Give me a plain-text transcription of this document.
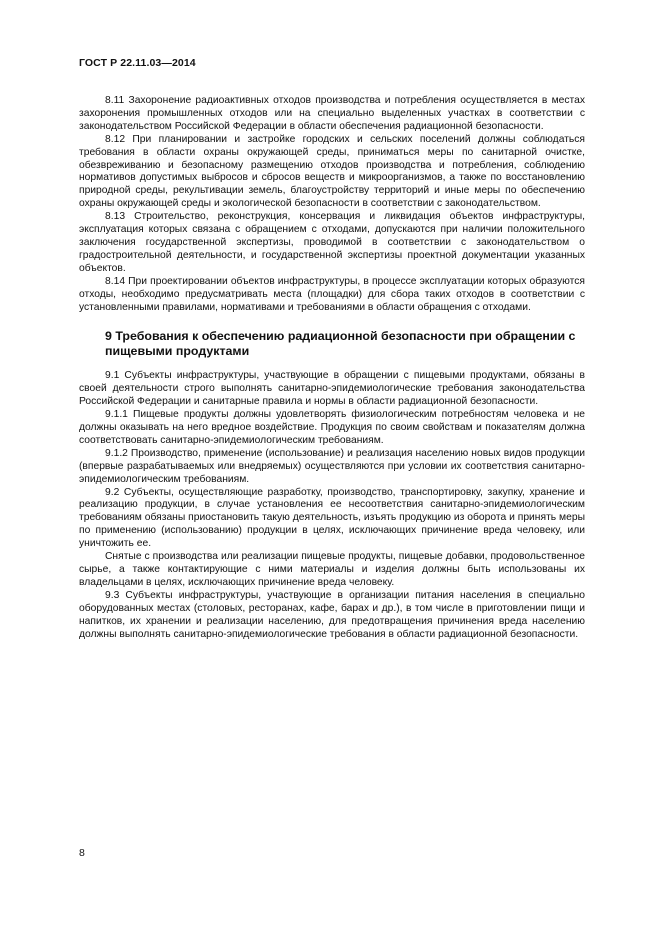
ГОСТ Р 22.11.03—2014

8.11 Захоронение радиоактивных отходов производства и потребления осуществляется в местах захоронения промышленных отходов или на специально выделенных участках в соответствии с законодательством Российской Федерации в области обеспечения радиационной безопасности.

8.12 При планировании и застройке городских и сельских поселений должны соблюдаться требования в области охраны окружающей среды, приниматься меры по санитарной очистке, обезвреживанию и безопасному размещению отходов производства и потребления, соблюдению нормативов допустимых выбросов и сбросов веществ и микроорганизмов, а также по восстановлению природной среды, рекультивации земель, благоустройству территорий и иные меры по обеспечению охраны окружающей среды и экологической безопасности в соответствии с законодательством.

8.13 Строительство, реконструкция, консервация и ликвидация объектов инфраструктуры, эксплуатация которых связана с обращением с отходами, допускаются при наличии положительного заключения государственной экспертизы, проводимой в соответствии с законодательством о градостроительной деятельности, и государственной экспертизы проектной документации указанных объектов.

8.14 При проектировании объектов инфраструктуры, в процессе эксплуатации которых образуются отходы, необходимо предусматривать места (площадки) для сбора таких отходов в соответствии с установленными правилами, нормативами и требованиями в области обращения с отходами.

9 Требования к обеспечению радиационной безопасности при обращении с пищевыми продуктами

9.1 Субъекты инфраструктуры, участвующие в обращении с пищевыми продуктами, обязаны в своей деятельности строго выполнять санитарно-эпидемиологические требования законодательства Российской Федерации и санитарные правила и нормы в области радиационной безопасности.

9.1.1 Пищевые продукты должны удовлетворять физиологическим потребностям человека и не должны оказывать на него вредное воздействие. Продукция по своим свойствам и показателям должна соответствовать санитарно-эпидемиологическим требованиям.

9.1.2 Производство, применение (использование) и реализация населению новых видов продукции (впервые разрабатываемых или внедряемых) осуществляются при условии их соответствия санитарно-эпидемиологическим требованиям.

9.2 Субъекты, осуществляющие разработку, производство, транспортировку, закупку, хранение и реализацию продукции, в случае установления ее несоответствия санитарно-эпидемиологическим требованиям обязаны приостановить такую деятельность, изъять продукцию из оборота и принять меры по применению (использованию) продукции в целях, исключающих причинение вреда человеку, или уничтожить ее.

Снятые с производства или реализации пищевые продукты, пищевые добавки, продовольственное сырье, а также контактирующие с ними материалы и изделия должны быть использованы их владельцами в целях, исключающих причинение вреда человеку.

9.3 Субъекты инфраструктуры, участвующие в организации питания населения в специально оборудованных местах (столовых, ресторанах, кафе, барах и др.), в том числе в приготовлении пищи и напитков, их хранении и реализации населению, для предотвращения причинения вреда населению должны выполнять санитарно-эпидемиологические требования в области радиационной безопасности.

8
